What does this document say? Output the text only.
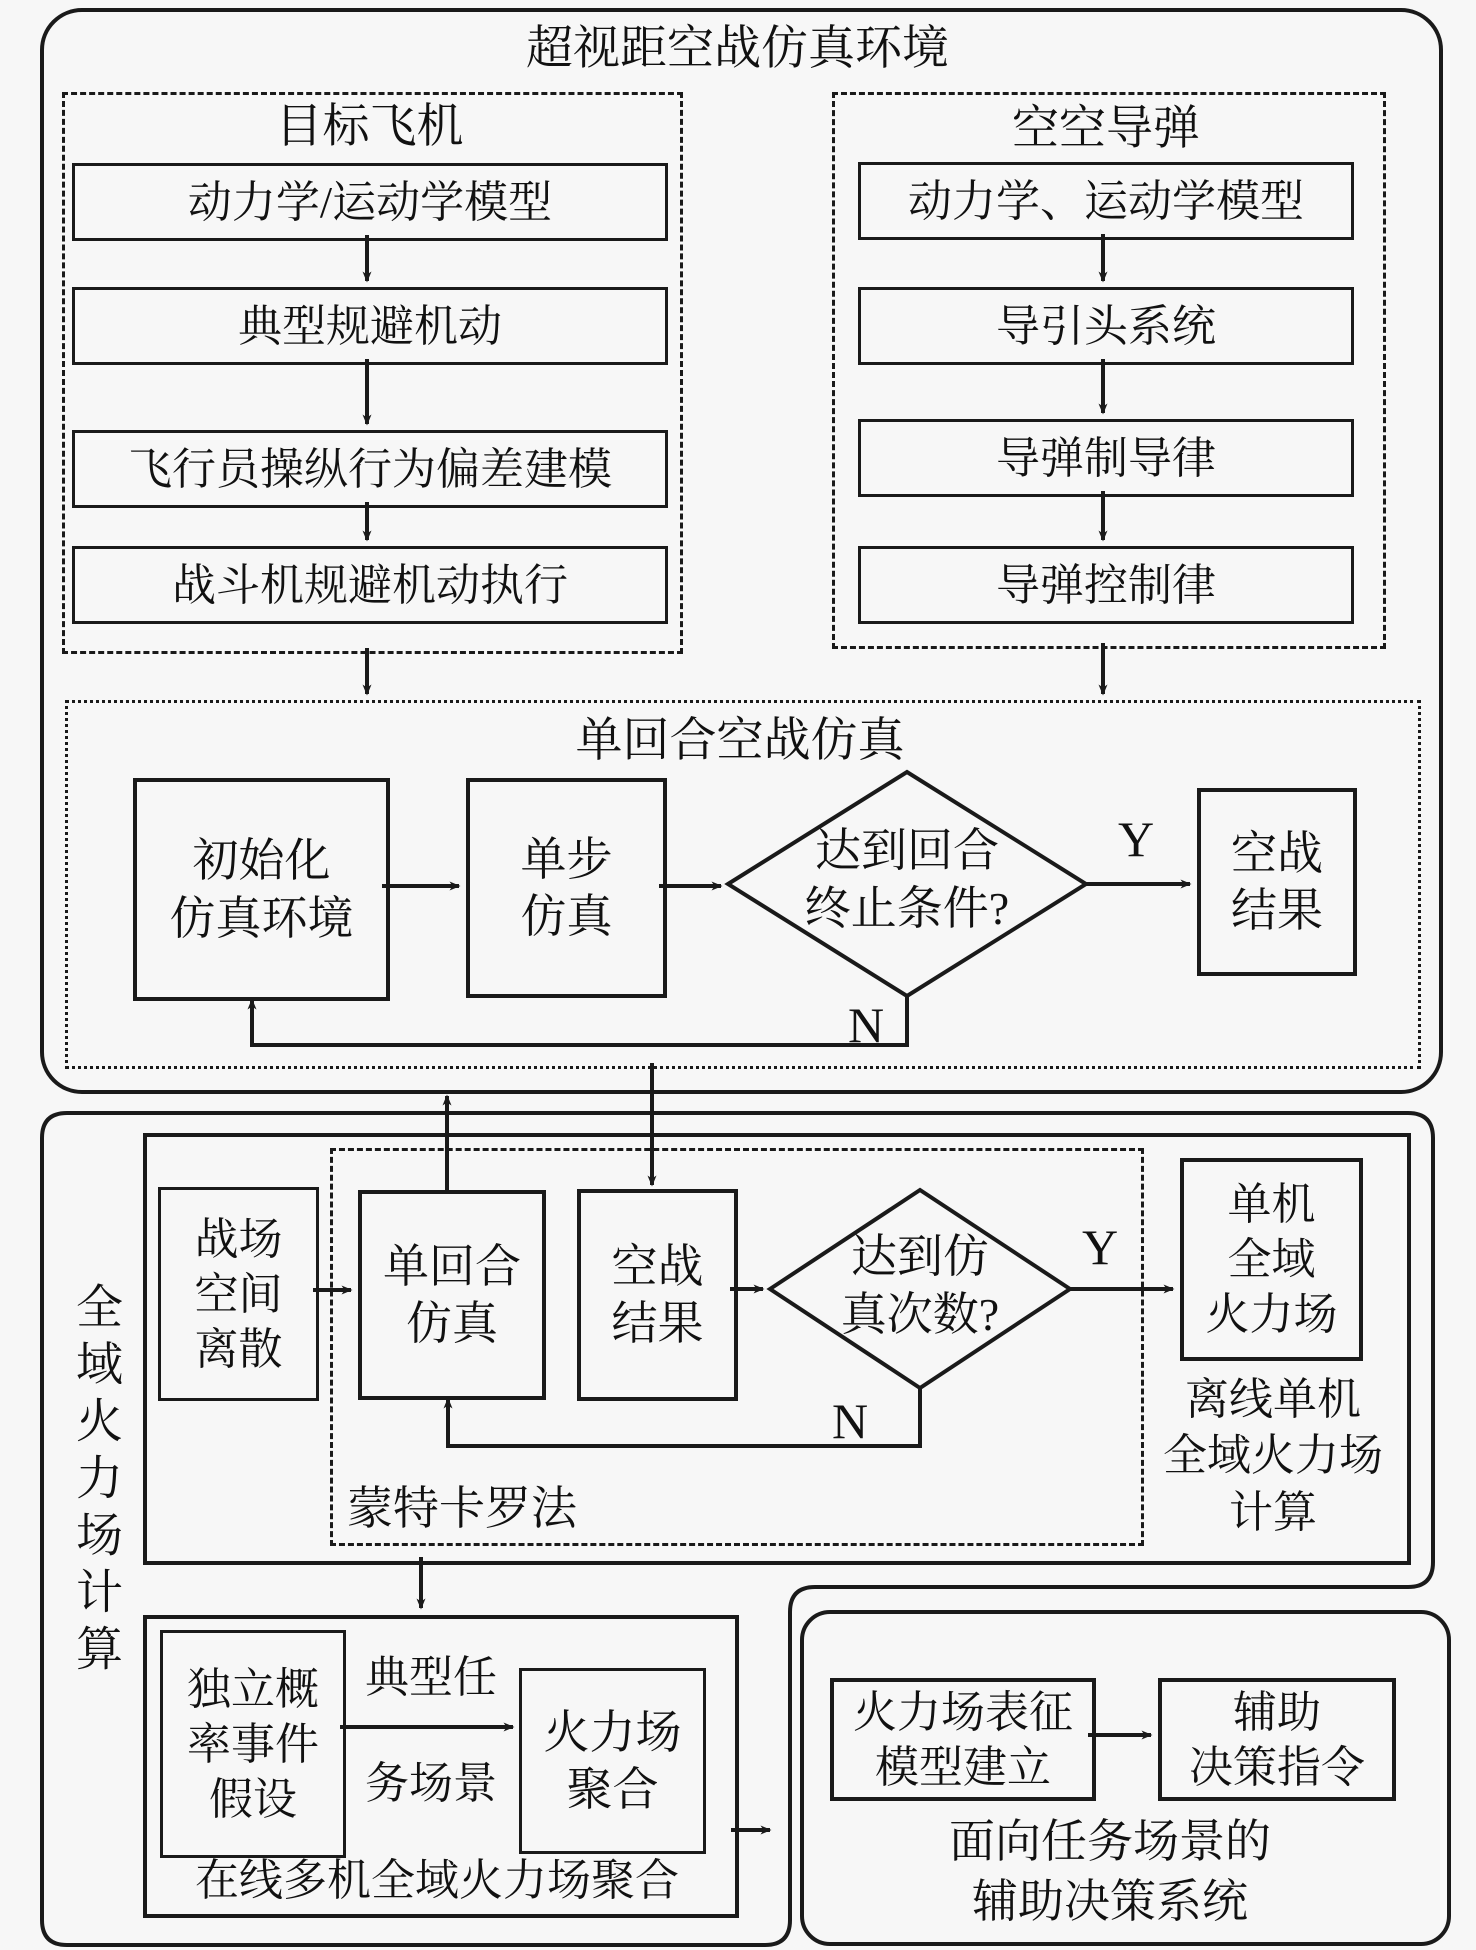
超视距空战仿真环境
目标飞机
动力学/运动学模型
典型规避机动
飞行员操纵行为偏差建模
战斗机规避机动执行
空空导弹
动力学、运动学模型
导引头系统
导弹制导律
导弹控制律
单回合空战仿真
初始化
仿真环境
单步
仿真
达到回合
终止条件?
空战
结果
Y
N
全域火力场计算
战场
空间
离散
单回合
仿真
空战
结果
达到仿
真次数?
单机
全域
火力场
Y
N
蒙特卡罗法
离线单机
全域火力场
计算
独立概
率事件
假设
典型任
务场景
火力场
聚合
在线多机全域火力场聚合
火力场表征
模型建立
辅助
决策指令
面向任务场景的
辅助决策系统
